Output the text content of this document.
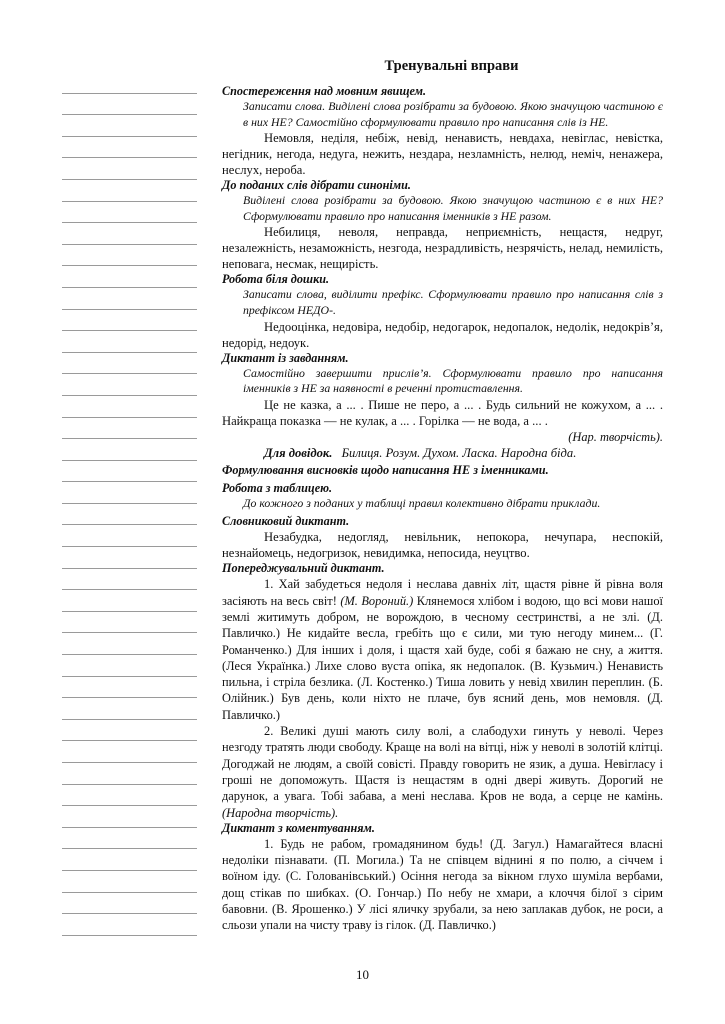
Тренувальні вправи

Спостереження над мовним явищем.

Записати слова. Виділені слова розібрати за будовою. Якою значущою частиною є в них НЕ? Самостійно сформулювати правило про написання слів із НЕ.

Немовля, неділя, небіж, невід, ненависть, невдаха, невіглас, невістка, негідник, негода, недуга, нежить, нездара, незламність, нелюд, неміч, ненажера, неслух, нероба.

До поданих слів дібрати синоніми.

Виділені слова розібрати за будовою. Якою значущою частиною є в них НЕ? Сформулювати правило про написання іменників з НЕ разом.

Небилиця, неволя, неправда, неприємність, нещастя, недруг, незалежність, незаможність, незгода, незрадливість, незрячість, нелад, немилість, неповага, несмак, нещирість.

Робота біля дошки.

Записати слова, виділити префікс. Сформулювати правило про написання слів з префіксом НЕДО-.

Недооцінка, недовіра, недобір, недогарок, недопалок, недолік, недокрів’я, недорід, недоук.

Диктант із завданням.

Самостійно завершити прислів’я. Сформулювати правило про написання іменників з НЕ за наявності в реченні протиставлення.

Це не казка, а ... . Пише не перо, а ... . Будь сильний не кожухом, а ... . Найкраща показка — не кулак, а ... . Горілка — не вода, а ... .

(Нар. творчість).

Для довідок. Билиця. Розум. Духом. Ласка. Народна біда.

Формулювання висновків щодо написання НЕ з іменниками.

Робота з таблицею.

До кожного з поданих у таблиці правил колективно дібрати приклади.

Словниковий диктант.

Незабудка, недогляд, невільник, непокора, нечупара, неспокій, незнайомець, недогризок, невидимка, непосида, неуцтво.

Попереджувальний диктант.

1. Хай забудеться недоля і неслава давніх літ, щастя рівне й рівна воля засіяють на весь світ! (М. Вороний.) Клянемося хлібом і водою, що всі мови нашої землі житимуть добром, не ворождою, в чесному сестринстві, а не злі. (Д. Павличко.) Не кидайте весла, гребіть що є сили, ми тую негоду минем... (Г. Романченко.) Для інших і доля, і щастя хай буде, собі я бажаю не сну, а життя. (Леся Українка.) Лихе слово вуста опіка, як недопалок. (В. Кузьмич.) Ненависть пильна, і стріла безлика. (Л. Костенко.) Тиша ловить у невід хвилин переплин. (Б. Олійник.) Був день, коли ніхто не плаче, був ясний день, мов немовля. (Д. Павличко.)

2. Великі душі мають силу волі, а слабодухи гинуть у неволі. Через незгоду тратять люди свободу. Краще на волі на вітці, ніж у неволі в золотій клітці. Догоджай не людям, а своїй совісті. Правду говорить не язик, а душа. Невігласу і гроші не допоможуть. Щастя із нещастям в одні двері живуть. Дорогий не дарунок, а увага. Тобі забава, а мені неслава. Кров не вода, а серце не камінь. (Народна творчість).

Диктант з коментуванням.

1. Будь не рабом, громадянином будь! (Д. Загул.) Намагайтеся власні недоліки пізнавати. (П. Могила.) Та не співцем віднині я по полю, а січчем і воїном іду. (С. Голованівський.) Осіння негода за вікном глухо шуміла вербами, дощ стікав по шибках. (О. Гончар.) По небу не хмари, а клоччя білої з сірим бавовни. (В. Ярошенко.) У лісі яличку зрубали, за нею заплакав дубок, не роси, а сльози упали на чисту траву із гілок. (Д. Павличко.)

10
